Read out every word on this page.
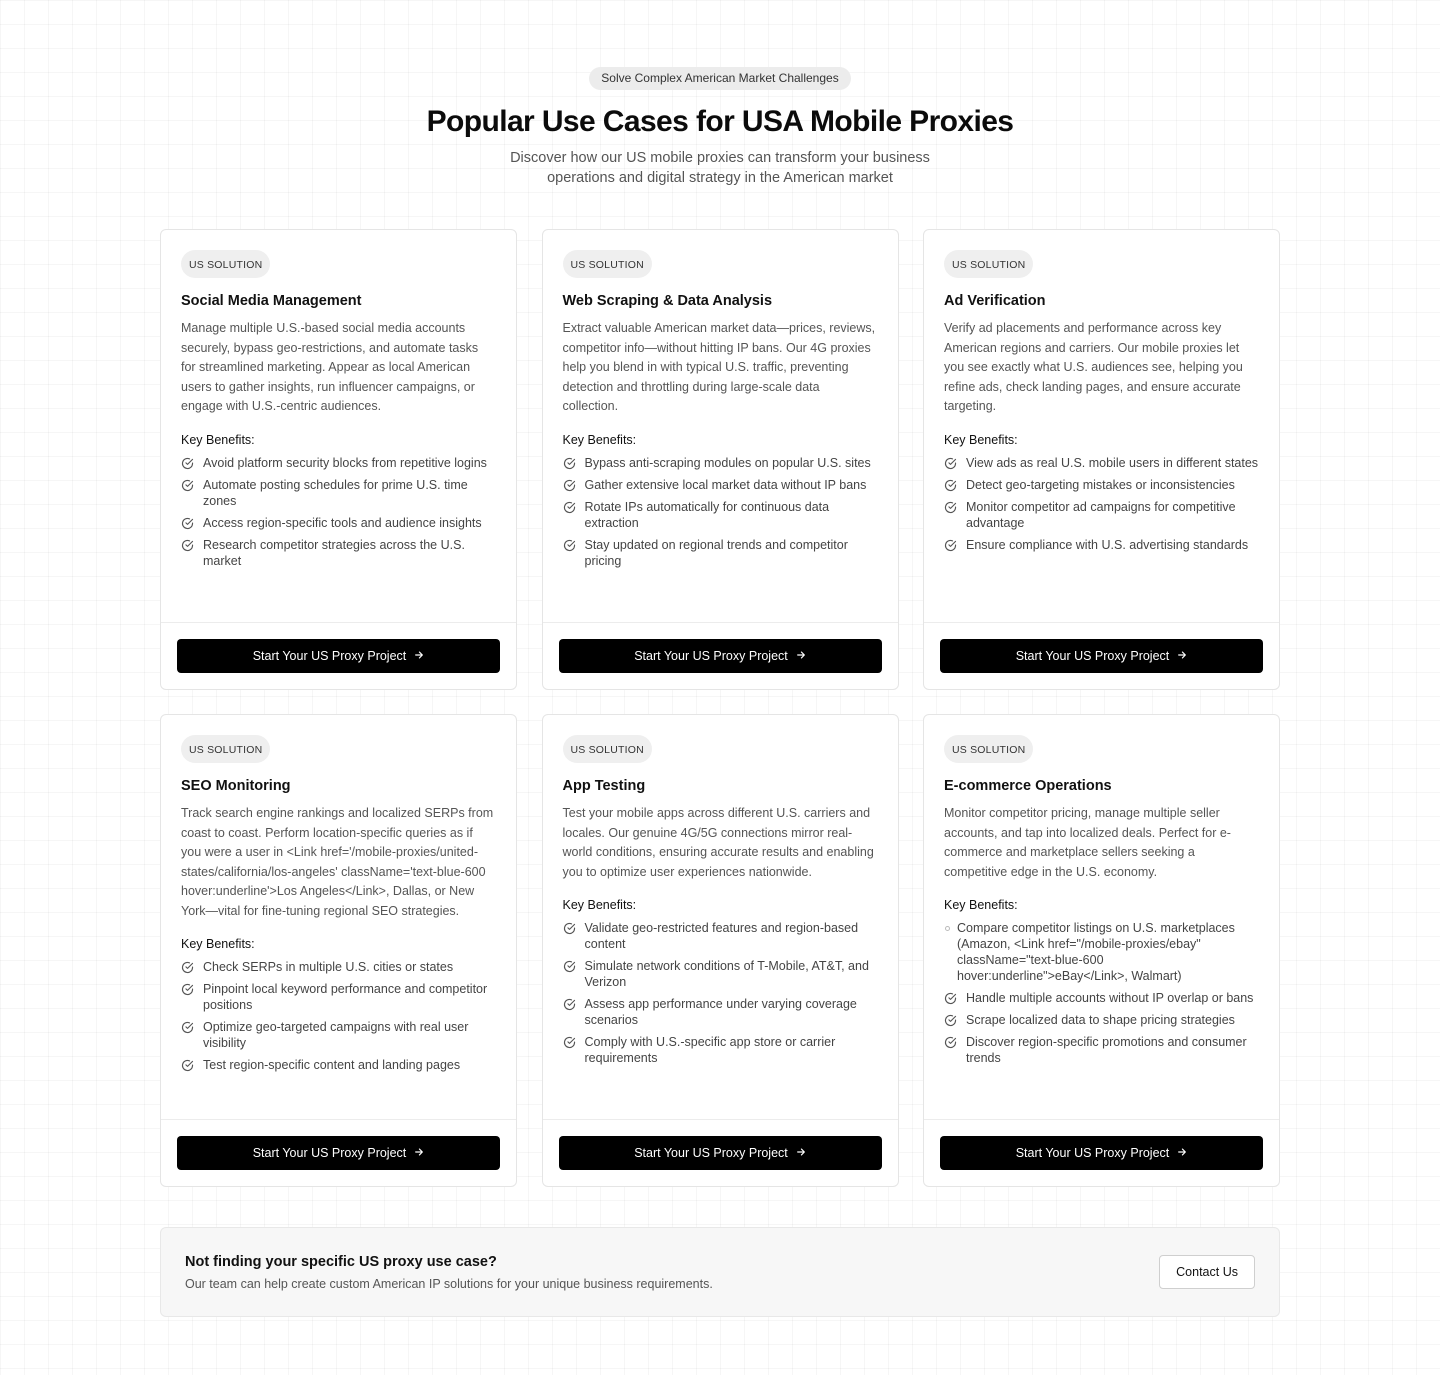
Solve Complex American Market Challenges
Popular Use Cases for USA Mobile Proxies

Discover how our US mobile proxies can transform your business operations and digital strategy in the American market

US SOLUTION
Social Media Management

Manage multiple U.S.-based social media accounts securely, bypass geo-restrictions, and automate tasks for streamlined marketing. Appear as local American users to gather insights, run influencer campaigns, or engage with U.S.-centric audiences.

Key Benefits:
Avoid platform security blocks from repetitive logins
Automate posting schedules for prime U.S. time zones
Access region-specific tools and audience insights
Research competitor strategies across the U.S. market
Start Your US Proxy Project
US SOLUTION
Web Scraping & Data Analysis

Extract valuable American market data—prices, reviews, competitor info—without hitting IP bans. Our 4G proxies help you blend in with typical U.S. traffic, preventing detection and throttling during large-scale data collection.

Key Benefits:
Bypass anti-scraping modules on popular U.S. sites
Gather extensive local market data without IP bans
Rotate IPs automatically for continuous data extraction
Stay updated on regional trends and competitor pricing
Start Your US Proxy Project
US SOLUTION
Ad Verification

Verify ad placements and performance across key American regions and carriers. Our mobile proxies let you see exactly what U.S. audiences see, helping you refine ads, check landing pages, and ensure accurate targeting.

Key Benefits:
View ads as real U.S. mobile users in different states
Detect geo-targeting mistakes or inconsistencies
Monitor competitor ad campaigns for competitive advantage
Ensure compliance with U.S. advertising standards
Start Your US Proxy Project
US SOLUTION
SEO Monitoring

Track search engine rankings and localized SERPs from coast to coast. Perform location-specific queries as if you were a user in <Link href='/mobile-proxies/united-states/california/los-angeles' className='text-blue-600 hover:underline'>Los Angeles</Link>, Dallas, or New York—vital for fine-tuning regional SEO strategies.

Key Benefits:
Check SERPs in multiple U.S. cities or states
Pinpoint local keyword performance and competitor positions
Optimize geo-targeted campaigns with real user visibility
Test region-specific content and landing pages
Start Your US Proxy Project
US SOLUTION
App Testing

Test your mobile apps across different U.S. carriers and locales. Our genuine 4G/5G connections mirror real-world conditions, ensuring accurate results and enabling you to optimize user experiences nationwide.

Key Benefits:
Validate geo-restricted features and region-based content
Simulate network conditions of T-Mobile, AT&T, and Verizon
Assess app performance under varying coverage scenarios
Comply with U.S.-specific app store or carrier requirements
Start Your US Proxy Project
US SOLUTION
E-commerce Operations

Monitor competitor pricing, manage multiple seller accounts, and tap into localized deals. Perfect for e-commerce and marketplace sellers seeking a competitive edge in the U.S. economy.

Key Benefits:
Compare competitor listings on U.S. marketplaces (Amazon, <Link href="/mobile-proxies/ebay" className="text-blue-600 hover:underline">eBay</Link>, Walmart)
Handle multiple accounts without IP overlap or bans
Scrape localized data to shape pricing strategies
Discover region-specific promotions and consumer trends
Start Your US Proxy Project
Not finding your specific US proxy use case?
Our team can help create custom American IP solutions for your unique business requirements.
Contact Us
